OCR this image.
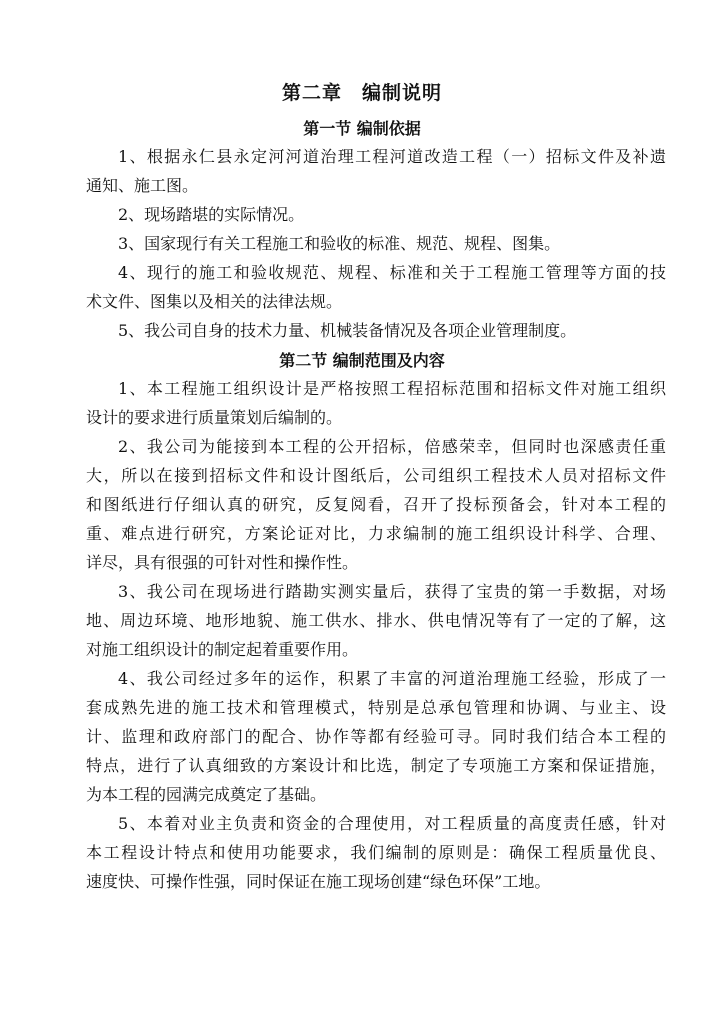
第二章　编制说明
第一节 编制依据
1、根据永仁县永定河河道治理工程河道改造工程（一）招标文件及补遗
通知、施工图。
2、现场踏堪的实际情况。
3、国家现行有关工程施工和验收的标准、规范、规程、图集。
4、现行的施工和验收规范、规程、标准和关于工程施工管理等方面的技
术文件、图集以及相关的法律法规。
5、我公司自身的技术力量、机械装备情况及各项企业管理制度。
第二节 编制范围及内容
1、本工程施工组织设计是严格按照工程招标范围和招标文件对施工组织
设计的要求进行质量策划后编制的。
2、我公司为能接到本工程的公开招标，倍感荣幸，但同时也深感责任重
大，所以在接到招标文件和设计图纸后，公司组织工程技术人员对招标文件
和图纸进行仔细认真的研究，反复阅看，召开了投标预备会，针对本工程的
重、难点进行研究，方案论证对比，力求编制的施工组织设计科学、合理、
详尽，具有很强的可针对性和操作性。
3、我公司在现场进行踏勘实测实量后，获得了宝贵的第一手数据，对场
地、周边环境、地形地貌、施工供水、排水、供电情况等有了一定的了解，这
对施工组织设计的制定起着重要作用。
4、我公司经过多年的运作，积累了丰富的河道治理施工经验，形成了一
套成熟先进的施工技术和管理模式，特别是总承包管理和协调、与业主、设
计、监理和政府部门的配合、协作等都有经验可寻。同时我们结合本工程的
特点，进行了认真细致的方案设计和比选，制定了专项施工方案和保证措施，
为本工程的园满完成奠定了基础。
5、本着对业主负责和资金的合理使用，对工程质量的高度责任感，针对
本工程设计特点和使用功能要求，我们编制的原则是：确保工程质量优良、
速度快、可操作性强，同时保证在施工现场创建“绿色环保”工地。
